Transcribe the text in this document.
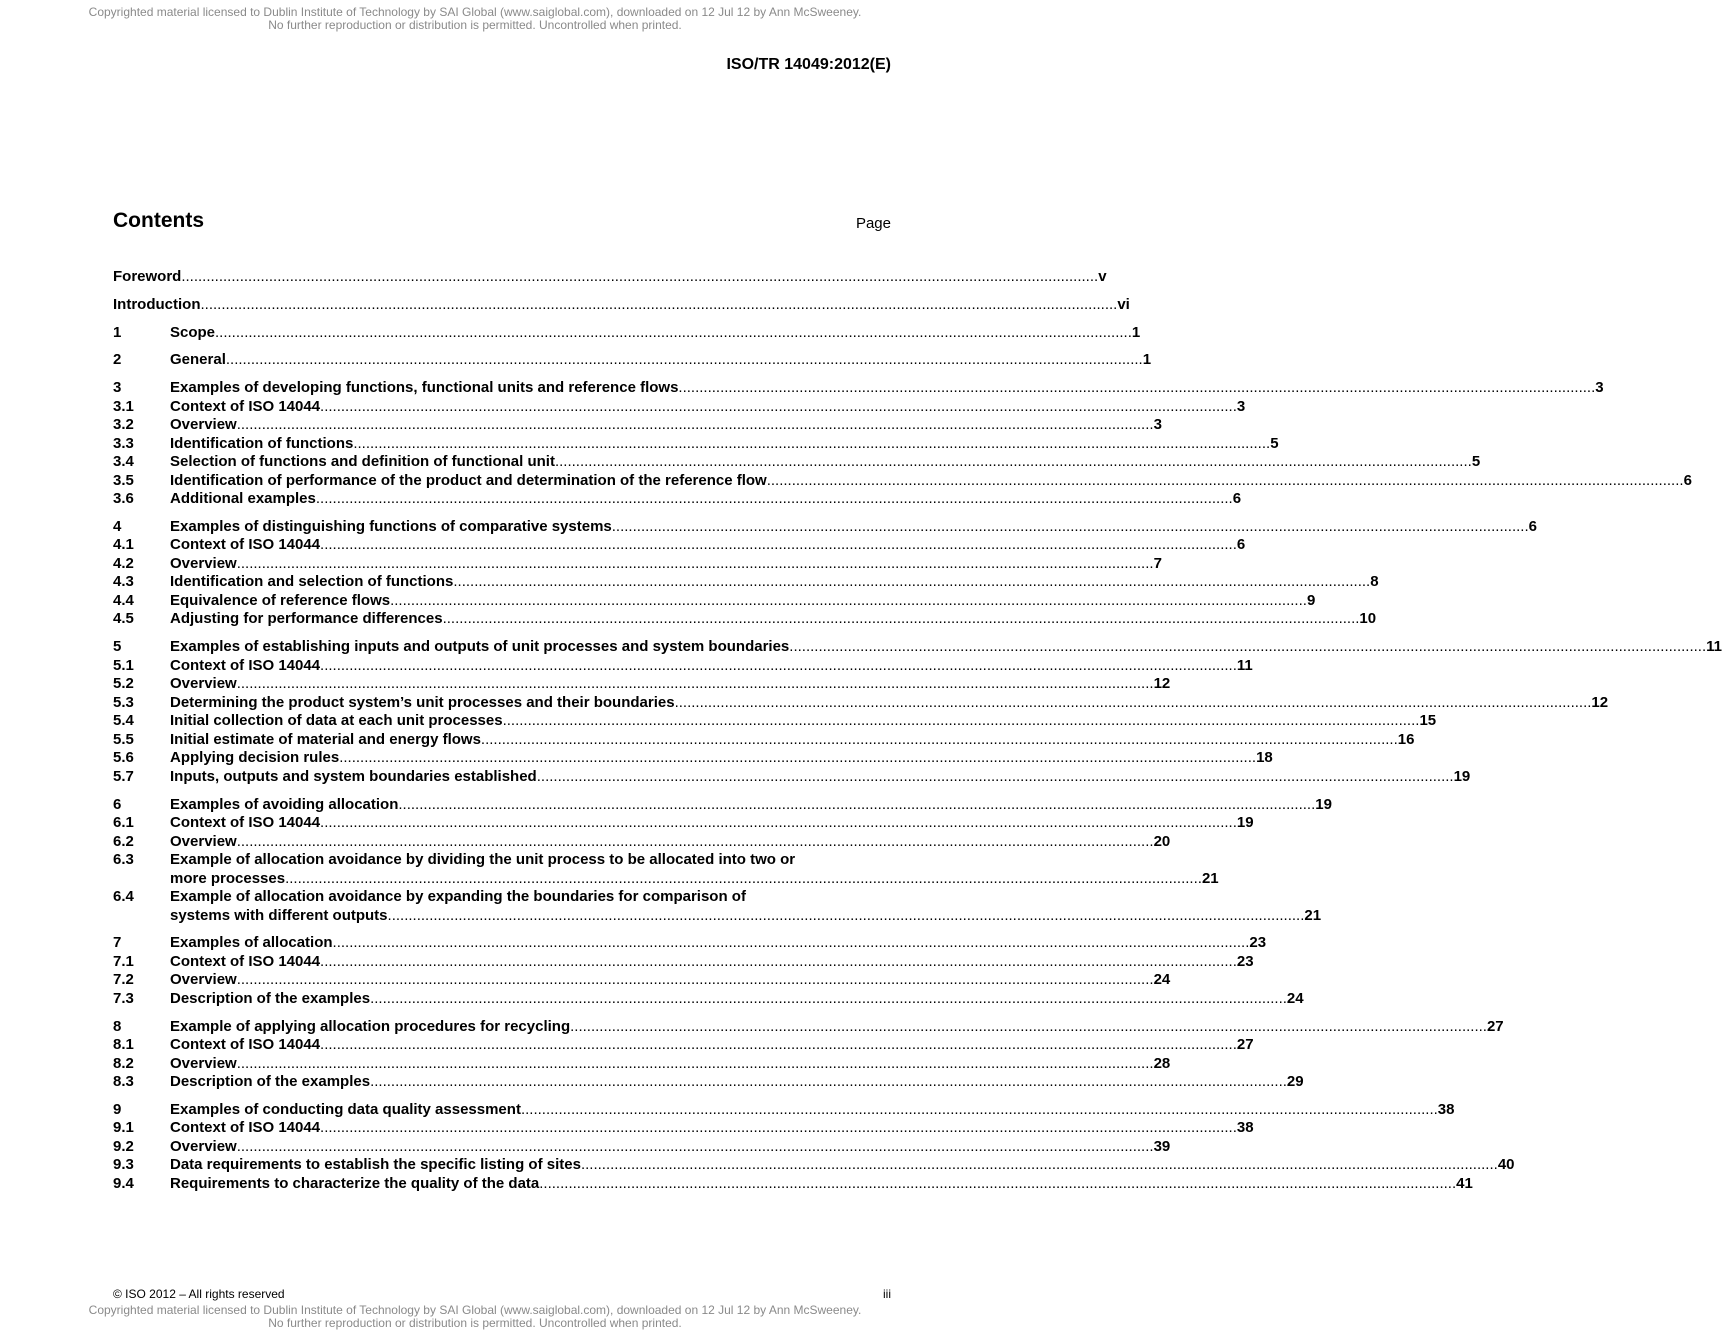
Copyrighted material licensed to Dublin Institute of Technology by SAI Global (www.saiglobal.com), downloaded on 12 Jul 12 by Ann McSweeney.
No further reproduction or distribution is permitted. Uncontrolled when printed.
ISO/TR 14049:2012(E)
Contents	Page
Foreword .....	v
Introduction .....	vi
1	Scope .....	1
2	General .....	1
3	Examples of developing functions, functional units and reference flows .....	3
3.1	Context of ISO 14044 .....	3
3.2	Overview .....	3
3.3	Identification of functions .....	5
3.4	Selection of functions and definition of functional unit .....	5
3.5	Identification of performance of the product and determination of the reference flow .....	6
3.6	Additional examples .....	6
4	Examples of distinguishing functions of comparative systems .....	6
4.1	Context of ISO 14044 .....	6
4.2	Overview .....	7
4.3	Identification and selection of functions .....	8
4.4	Equivalence of reference flows .....	9
4.5	Adjusting for performance differences .....	10
5	Examples of establishing inputs and outputs of unit processes and system boundaries .....	11
5.1	Context of ISO 14044 .....	11
5.2	Overview .....	12
5.3	Determining the product system’s unit processes and their boundaries .....	12
5.4	Initial collection of data at each unit processes .....	15
5.5	Initial estimate of material and energy flows .....	16
5.6	Applying decision rules .....	18
5.7	Inputs, outputs and system boundaries established .....	19
6	Examples of avoiding allocation .....	19
6.1	Context of ISO 14044 .....	19
6.2	Overview .....	20
6.3	Example of allocation avoidance by dividing the unit process to be allocated into two or
more processes .....	21
6.4	Example of allocation avoidance by expanding the boundaries for comparison of
systems with different outputs .....	21
7	Examples of allocation .....	23
7.1	Context of ISO 14044 .....	23
7.2	Overview .....	24
7.3	Description of the examples .....	24
8	Example of applying allocation procedures for recycling .....	27
8.1	Context of ISO 14044 .....	27
8.2	Overview .....	28
8.3	Description of the examples .....	29
9	Examples of conducting data quality assessment .....	38
9.1	Context of ISO 14044 .....	38
9.2	Overview .....	39
9.3	Data requirements to establish the specific listing of sites .....	40
9.4	Requirements to characterize the quality of the data .....	41
© ISO 2012 – All rights reserved	iii
Copyrighted material licensed to Dublin Institute of Technology by SAI Global (www.saiglobal.com), downloaded on 12 Jul 12 by Ann McSweeney.
No further reproduction or distribution is permitted. Uncontrolled when printed.
